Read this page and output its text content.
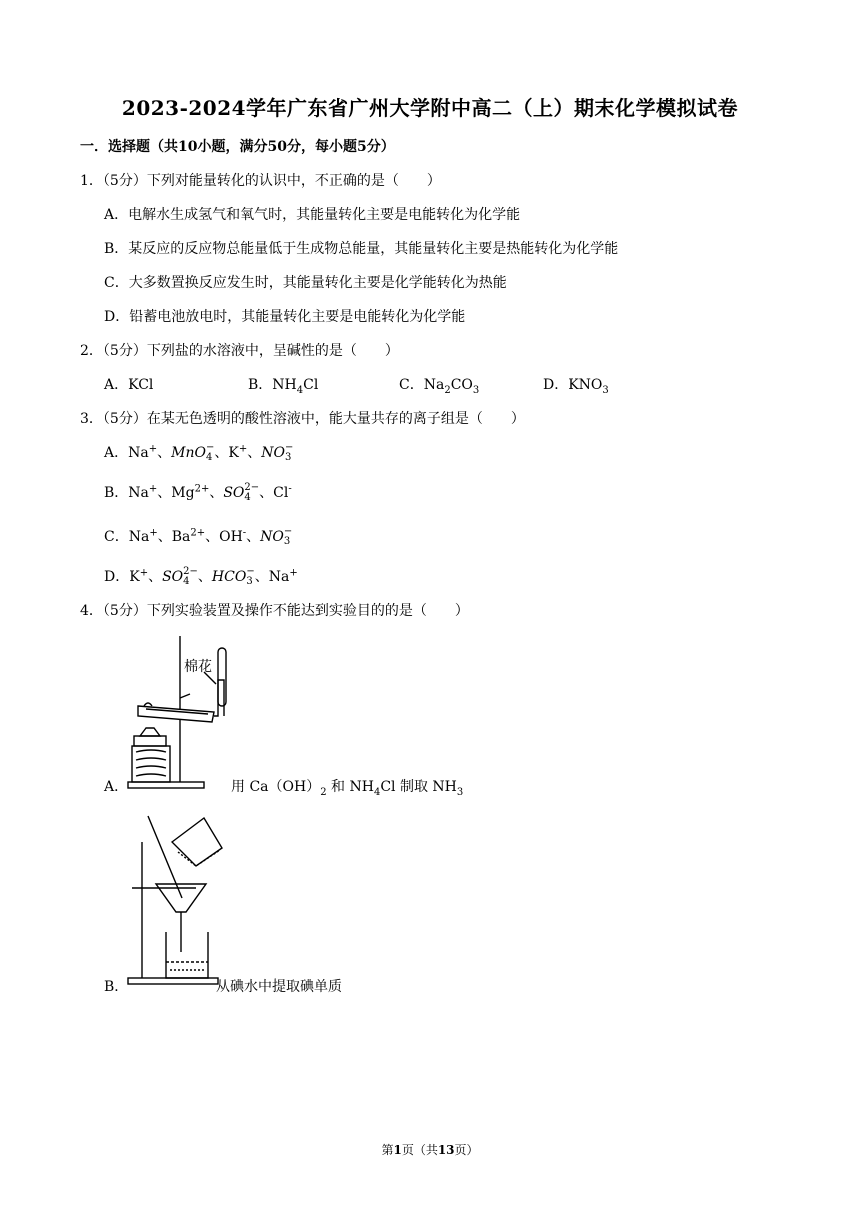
2023-2024学年广东省广州大学附中高二（上）期末化学模拟试卷
一．选择题（共10小题，满分50分，每小题5分）
1．（5分）下列对能量转化的认识中，不正确的是（　　）
A．电解水生成氢气和氧气时，其能量转化主要是电能转化为化学能
B．某反应的反应物总能量低于生成物总能量，其能量转化主要是热能转化为化学能
C．大多数置换反应发生时，其能量转化主要是化学能转化为热能
D．铅蓄电池放电时，其能量转化主要是电能转化为化学能
2．（5分）下列盐的水溶液中，呈碱性的是（　　）
A．KCl	B．$NH_4Cl$	C．$Na_2CO_3$	D．$KNO_3$
3．（5分）在某无色透明的酸性溶液中，能大量共存的离子组是（　　）
A．Na+、MnO −
4 、K+、NO −
3
B．Na+、$Mg^{2+}$、SO 2−
4 、Cl-
C．Na+、$Ba^{2+}$、OH-、NO −
3
D．K+、SO 2−
4 、HCO −
3 、Na+
4．（5分）下列实验装置及操作不能达到实验目的的是（　　）
棉花
A．	用 $Ca(OH)_2$ 和 $NH_4Cl$ 制取 $NH_3$
B．	从碘水中提取碘单质
第1页（共13页）
